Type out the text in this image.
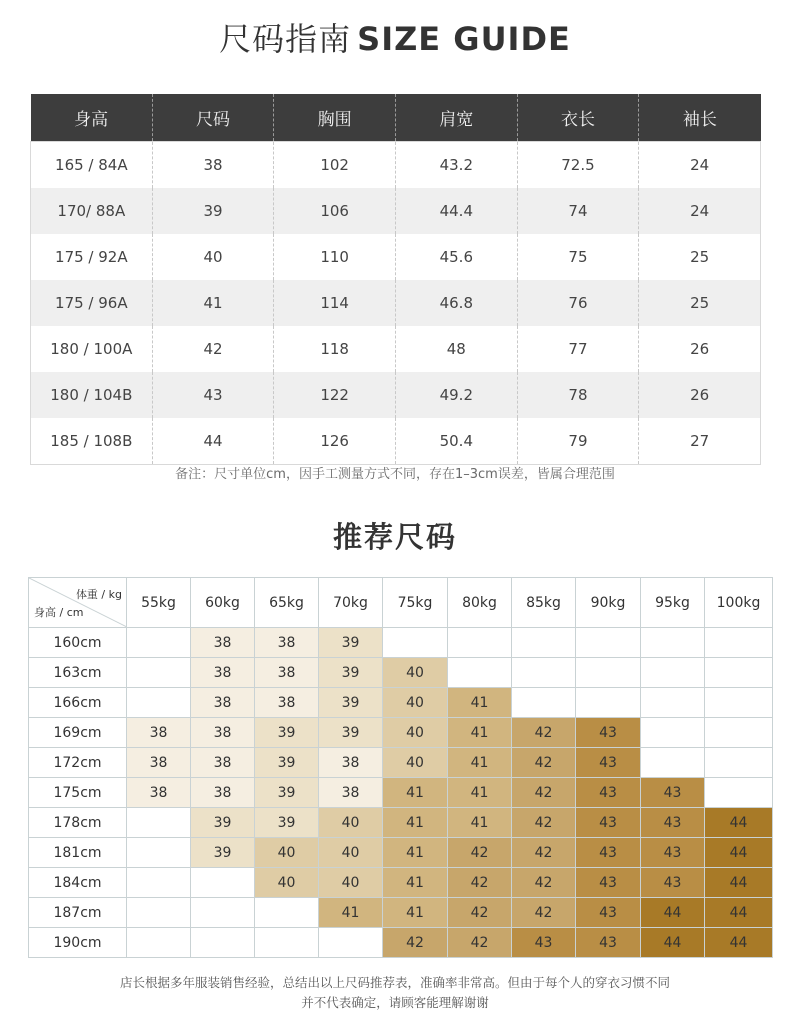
尺码指南 SIZE GUIDE
身高	尺码	胸围	肩宽	衣长	袖长
165 / 84A	38	102	43.2	72.5	24
170/ 88A	39	106	44.4	74	24
175 / 92A	40	110	45.6	75	25
175 / 96A	41	114	46.8	76	25
180 / 100A	42	118	48	77	26
180 / 104B	43	122	49.2	78	26
185 / 108B	44	126	50.4	79	27
备注：尺寸单位cm，因手工测量方式不同，存在1–3cm误差，皆属合理范围
推荐尺码
体重 / kg
身高 / cm	55kg	60kg	65kg	70kg	75kg	80kg	85kg	90kg	95kg	100kg
160cm		38	38	39						
163cm		38	38	39	40					
166cm		38	38	39	40	41				
169cm	38	38	39	39	40	41	42	43		
172cm	38	38	39	38	40	41	42	43		
175cm	38	38	39	38	41	41	42	43	43	
178cm		39	39	40	41	41	42	43	43	44
181cm		39	40	40	41	42	42	43	43	44
184cm			40	40	41	42	42	43	43	44
187cm				41	41	42	42	43	44	44
190cm					42	42	43	43	44	44
店长根据多年服装销售经验，总结出以上尺码推荐表，准确率非常高。但由于每个人的穿衣习惯不同
并不代表确定，请顾客能理解谢谢
